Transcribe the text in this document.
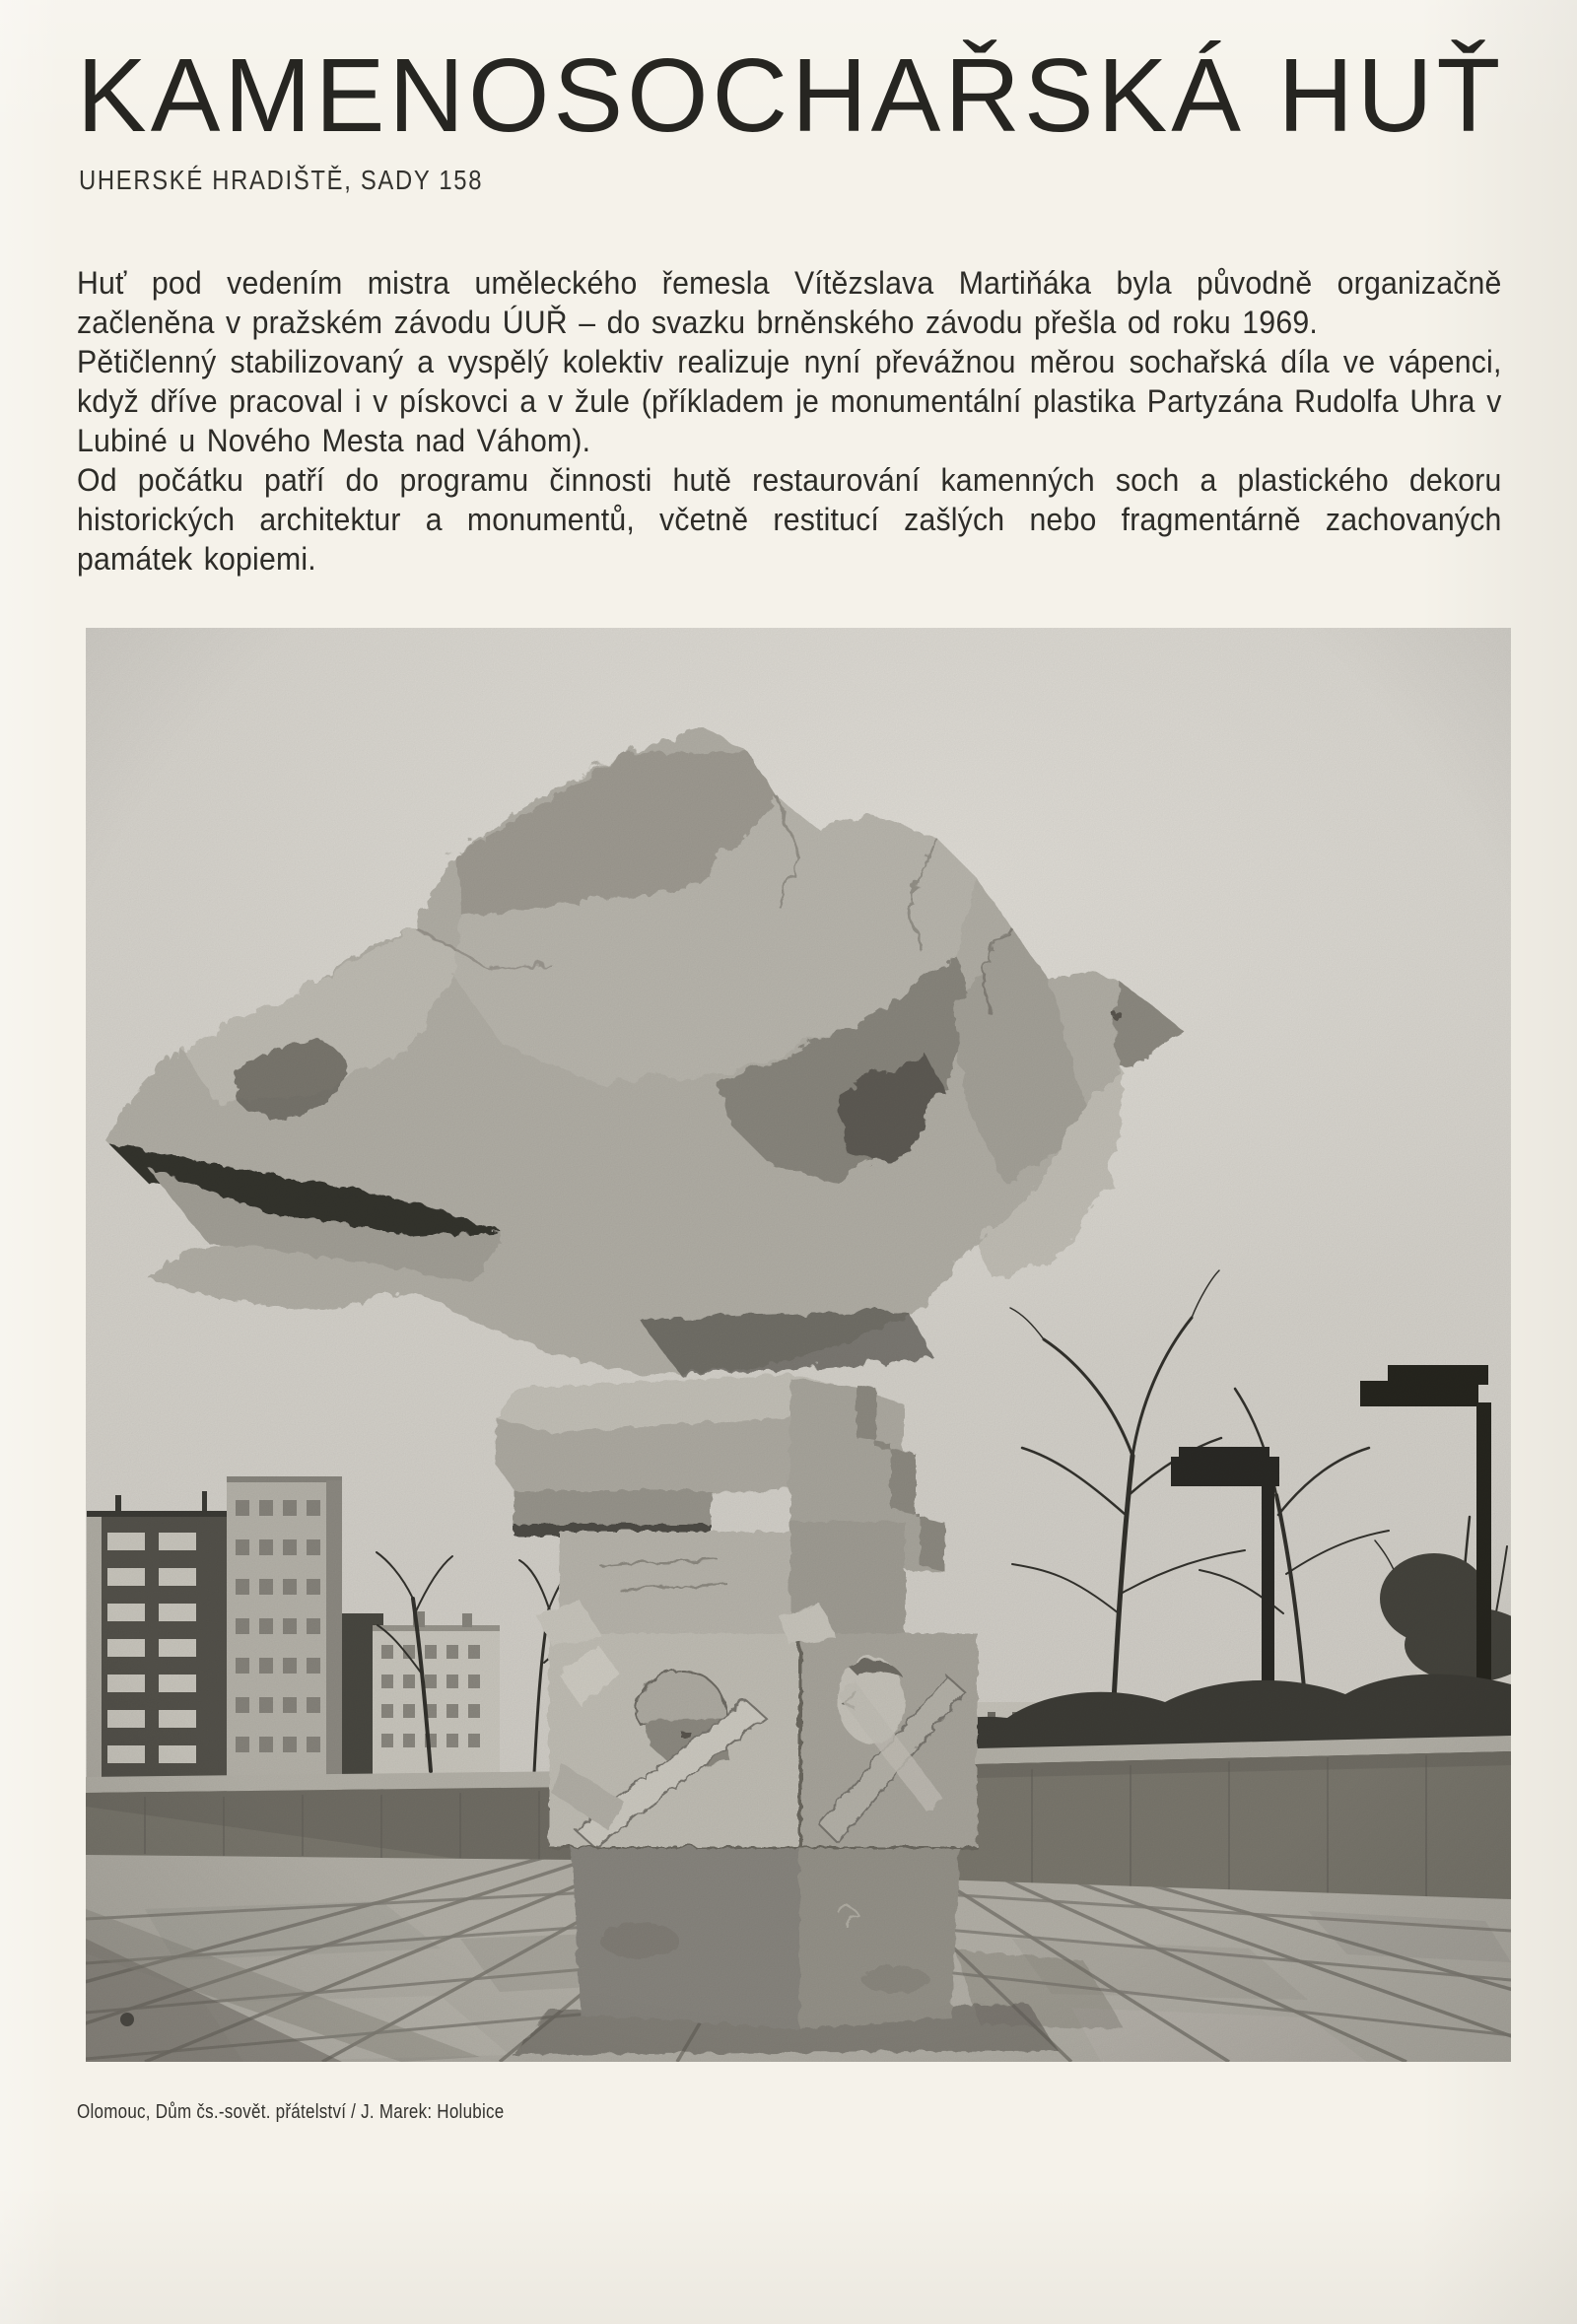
KAMENOSOCHAŘSKÁ HUŤ
UHERSKÉ HRADIŠTĚ, SADY 158

Huť pod vedením mistra uměleckého řemesla Vítězslava Martiňáka byla původně organizačně začleněna v pražském závodu ÚUŘ – do svazku brněnského závodu přešla od roku 1969.

Pětičlenný stabilizovaný a vyspělý kolektiv realizuje nyní převážnou měrou sochařská díla ve vápenci, když dříve pracoval i v pískovci a v žule (příkladem je monumentální plastika Partyzána Rudolfa Uhra v Lubiné u Nového Mesta nad Váhom).

Od počátku patří do programu činnosti hutě restaurování kamenných soch a plastického dekoru historických architektur a monumentů, včetně restitucí zašlých nebo fragmentárně zachovaných památek kopiemi.

Olomouc, Dům čs.-sovět. přátelství / J. Marek: Holubice
